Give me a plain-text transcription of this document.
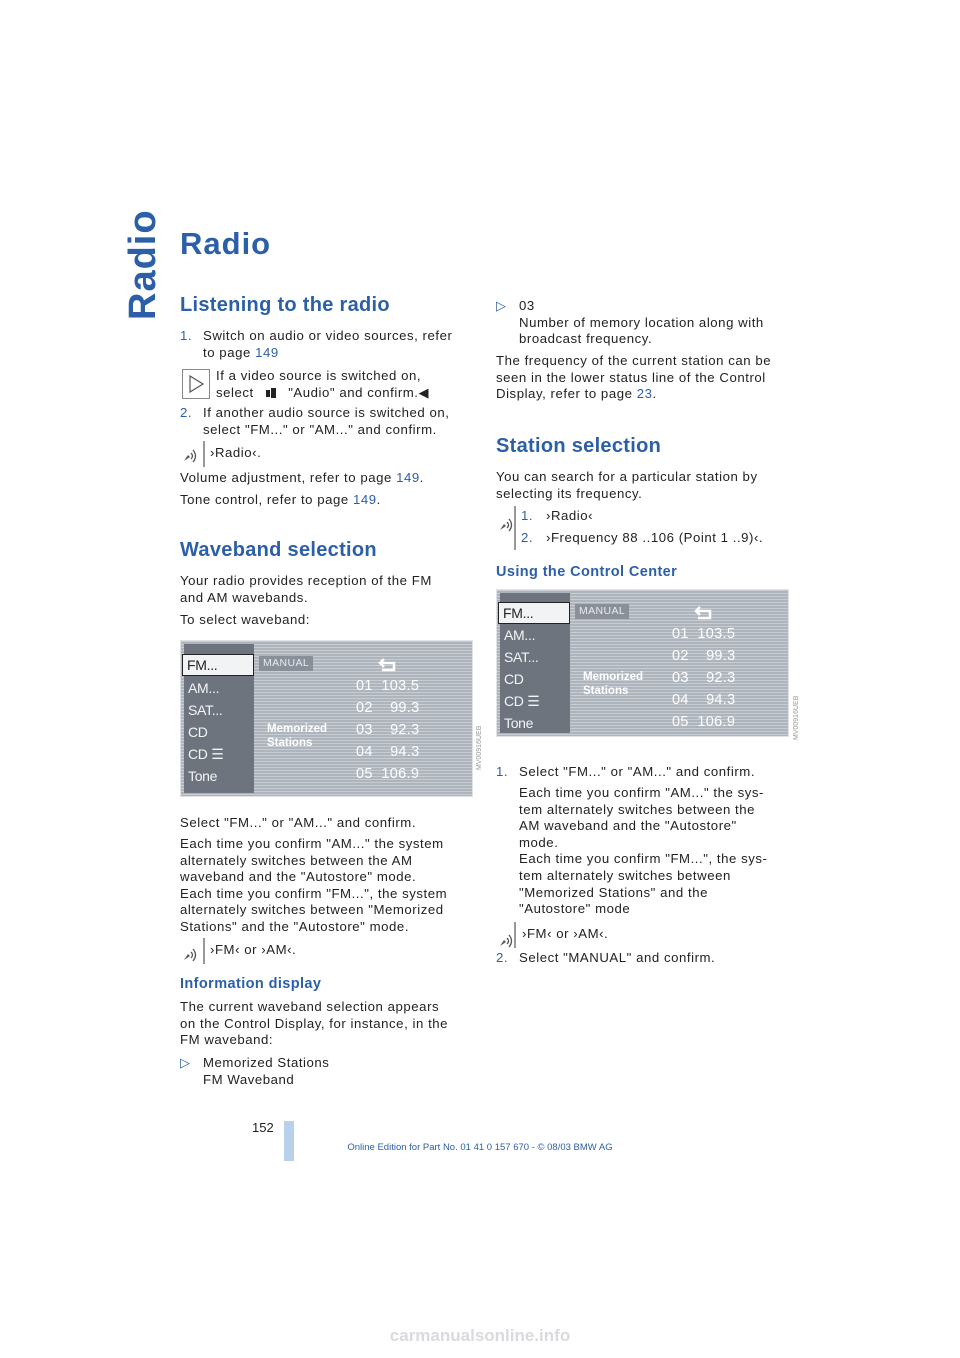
Radio Radio
Listening to the radio

1. Switch on audio or video sources, refer
to page 149

If a video source is switched on,
select	"Audio" and confirm.◀

2. If another audio source is switched on,
select "FM..." or "AM..." and confirm.

›Radio‹.

Volume adjustment, refer to page 149.

Tone control, refer to page 149.

Waveband selection

Your radio provides reception of the FM
and AM wavebands.

To select waveband:

AM...
SAT...
CD
CD ☰
Tone
FM...	MANUAL
Memorized
Stations
01 103.5
02 99.3
03 92.3
04 94.3
05 106.9
MV00916UEB

Select "FM..." or "AM..." and confirm.

Each time you confirm "AM..." the system
alternately switches between the AM
waveband and the "Autostore" mode.
Each time you confirm "FM...", the system
alternately switches between "Memorized
Stations" and the "Autostore" mode.

›FM‹ or ›AM‹.

Information display

The current waveband selection appears
on the Control Display, for instance, in the
FM waveband:

▷ Memorized Stations
FM Waveband

▷ 03
Number of memory location along with
broadcast frequency.

The frequency of the current station can be
seen in the lower status line of the Control
Display, refer to page 23.

Station selection

You can search for a particular station by
selecting its frequency.

1. ›Radio‹

2. ›Frequency 88 ..106 (Point 1 ..9)‹.

Using the Control Center
AM...
SAT...
CD
CD ☰
Tone
FM...	MANUAL
Memorized
Stations
01 103.5
02 99.3
03 92.3
04 94.3
05 106.9	MV00916UEB

1. Select "FM..." or "AM..." and confirm.

Each time you confirm "AM..." the sys-
tem alternately switches between the
AM waveband and the "Autostore"
mode.
Each time you confirm "FM...", the sys-
tem alternately switches between
"Memorized Stations" and the
"Autostore" mode

›FM‹ or ›AM‹.

2. Select "MANUAL" and confirm.

152
Online Edition for Part No. 01 41 0 157 670 - © 08/03 BMW AG
carmanualsonline.info
